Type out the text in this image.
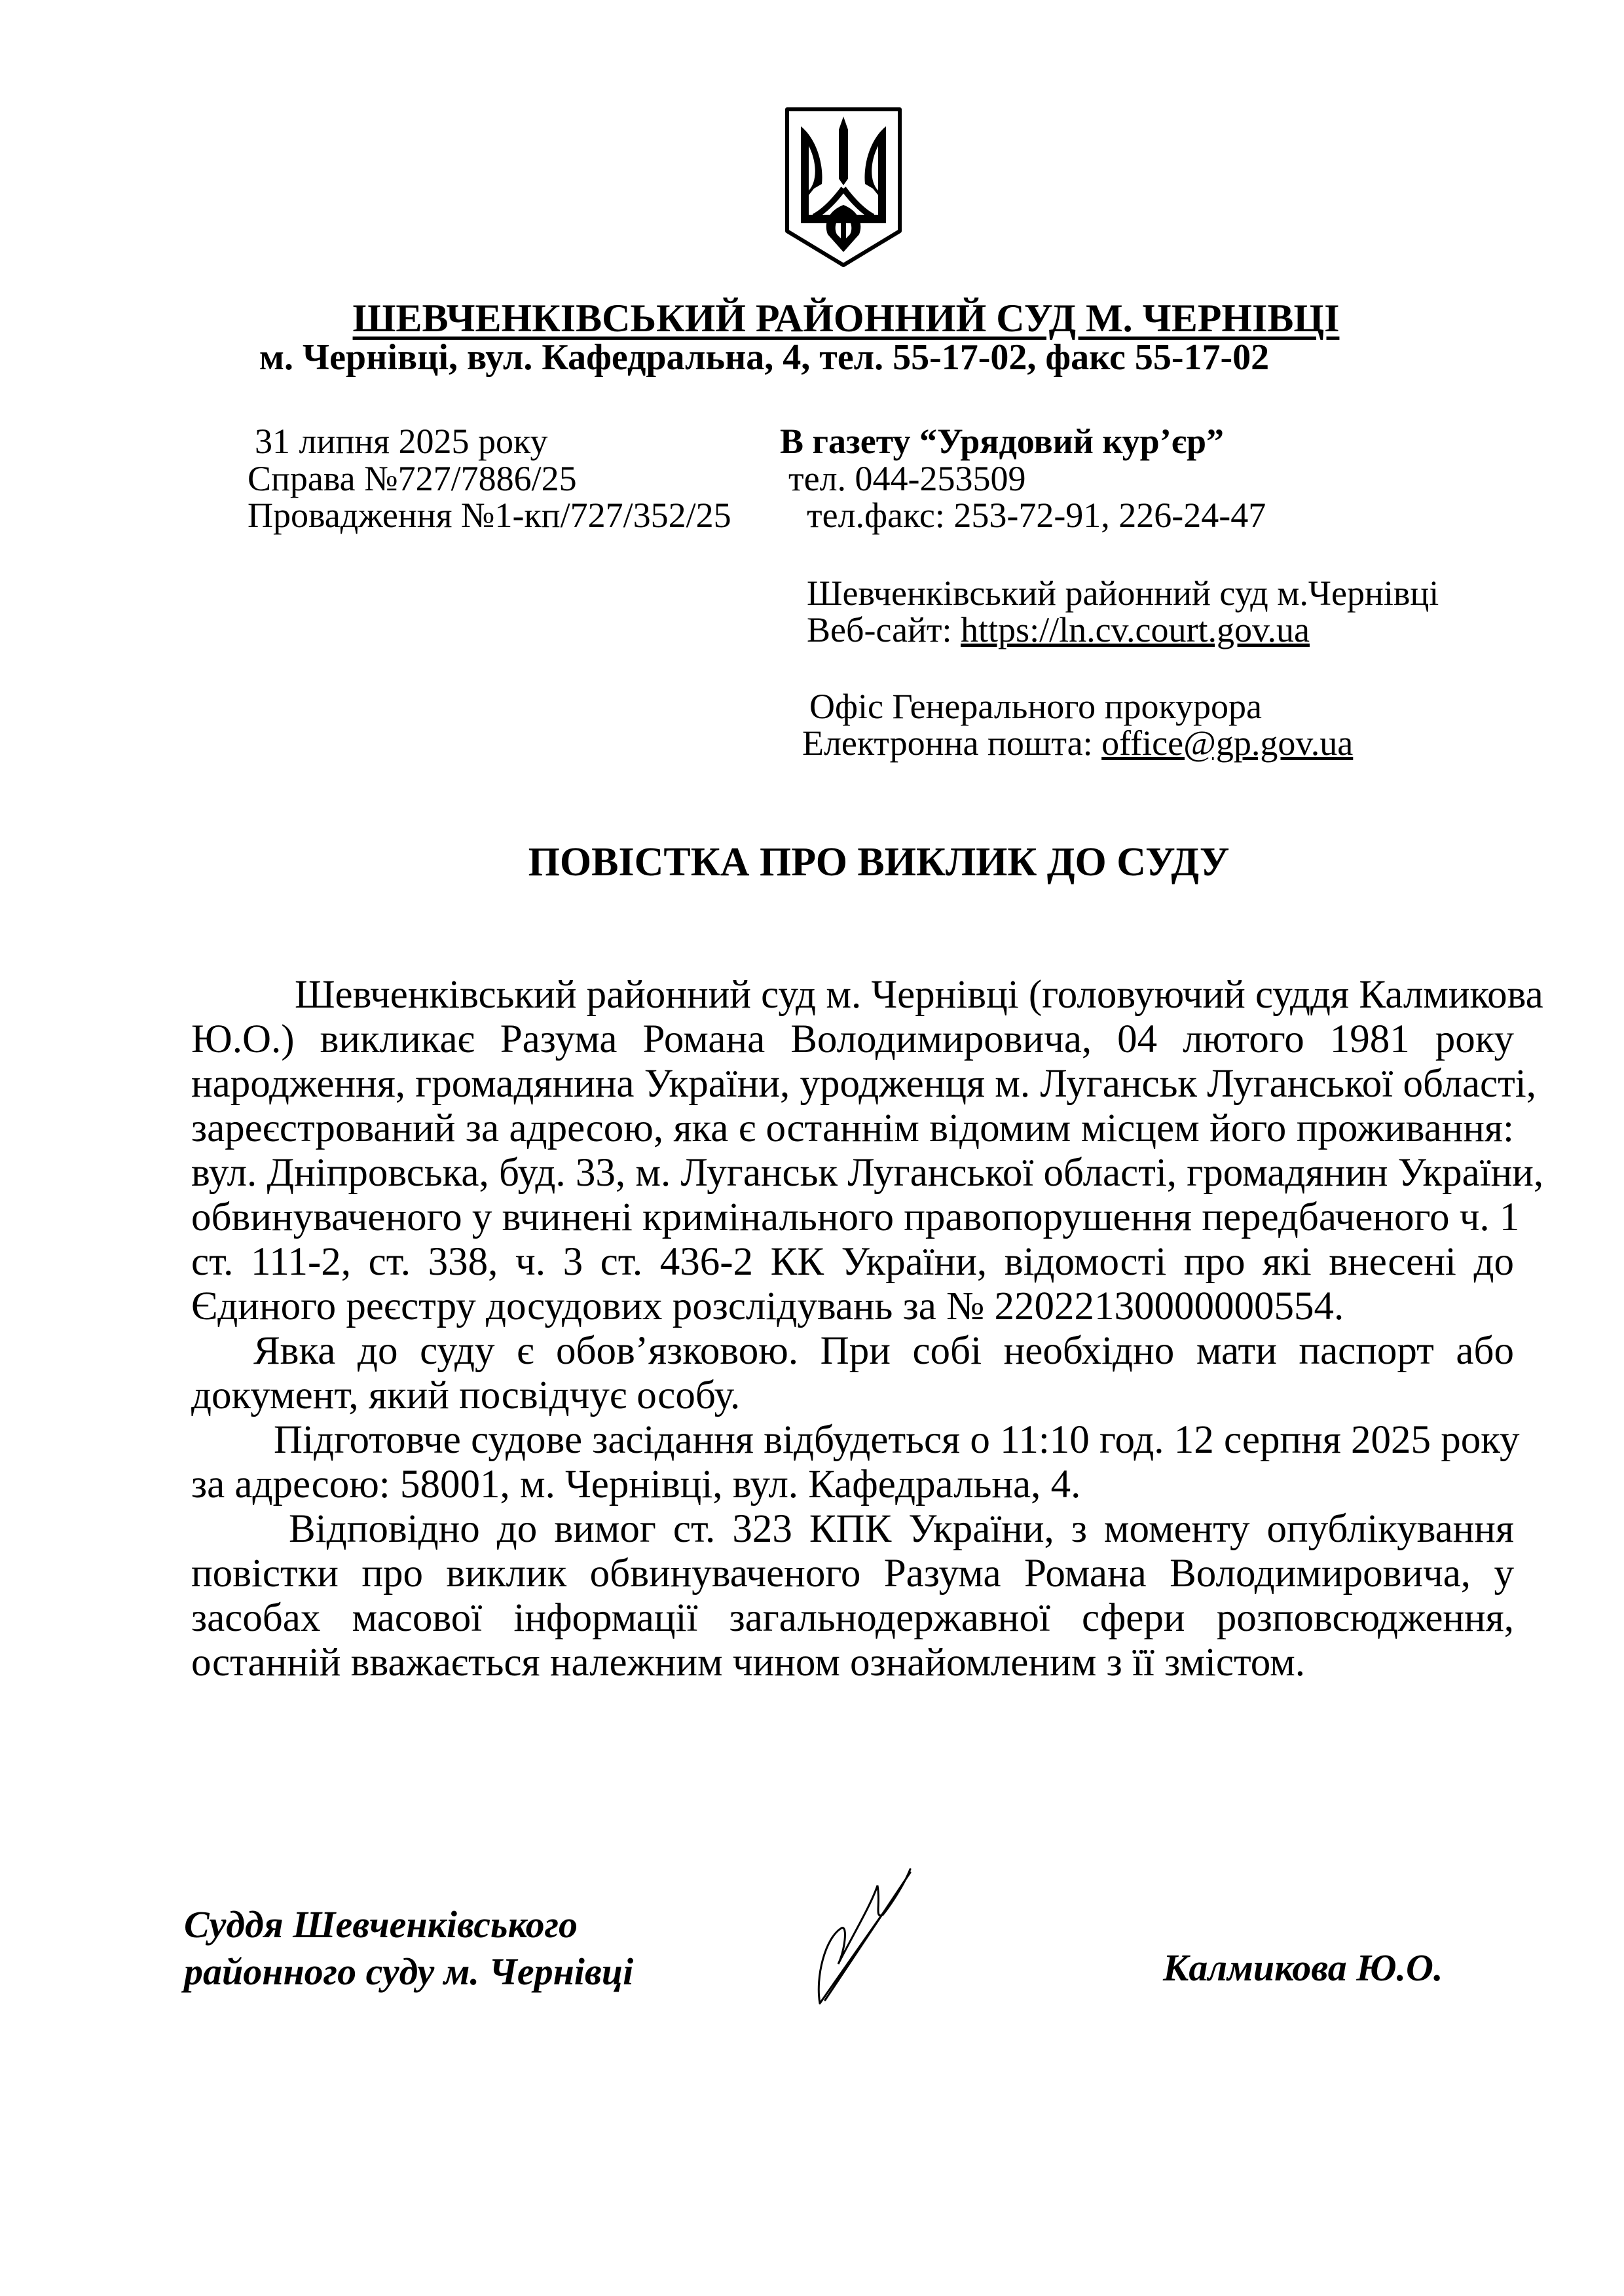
ШЕВЧЕНКІВСЬКИЙ РАЙОННИЙ СУД М. ЧЕРНІВЦІ
м. Чернівці, вул. Кафедральна, 4, тел. 55-17-02, факс 55-17-02
31 липня 2025 року
Справа №727/7886/25
Провадження №1-кп/727/352/25
В газету “Урядовий кур’єр”
тел. 044-253509
тел.факс: 253-72-91, 226-24-47
Шевченківський районний суд м.Чернівці
Веб-сайт: https://ln.cv.court.gov.ua
Офіс Генерального прокурора
Електронна пошта: office@gp.gov.ua
ПОВІСТКА ПРО ВИКЛИК ДО СУДУ
Шевченківський районний суд м. Чернівці (головуючий суддя Калмикова
Ю.О.) викликає Разума Романа Володимировича, 04 лютого 1981 року
народження, громадянина України, уродженця м. Луганськ Луганської області,
зареєстрований за адресою, яка є останнім відомим місцем його проживання:
вул. Дніпровська, буд. 33, м. Луганськ Луганської області, громадянин України,
обвинуваченого у вчинені кримінального правопорушення передбаченого ч. 1
ст. 111-2, ст. 338, ч. 3 ст. 436-2 КК України, відомості про які внесені до
Єдиного реєстру досудових розслідувань за № 22022130000000554.
Явка до суду є обов’язковою. При собі необхідно мати паспорт або
документ, який посвідчує особу.
Підготовче судове засідання відбудеться о 11:10 год. 12 серпня 2025 року
за адресою: 58001, м. Чернівці, вул. Кафедральна, 4.
Відповідно до вимог ст. 323 КПК України, з моменту опублікування
повістки про виклик обвинуваченого Разума Романа Володимировича, у
засобах масової інформації загальнодержавної сфери розповсюдження,
останній вважається належним чином ознайомленим з її змістом.
Суддя Шевченківського
районного суду м. Чернівці	Калмикова Ю.О.
